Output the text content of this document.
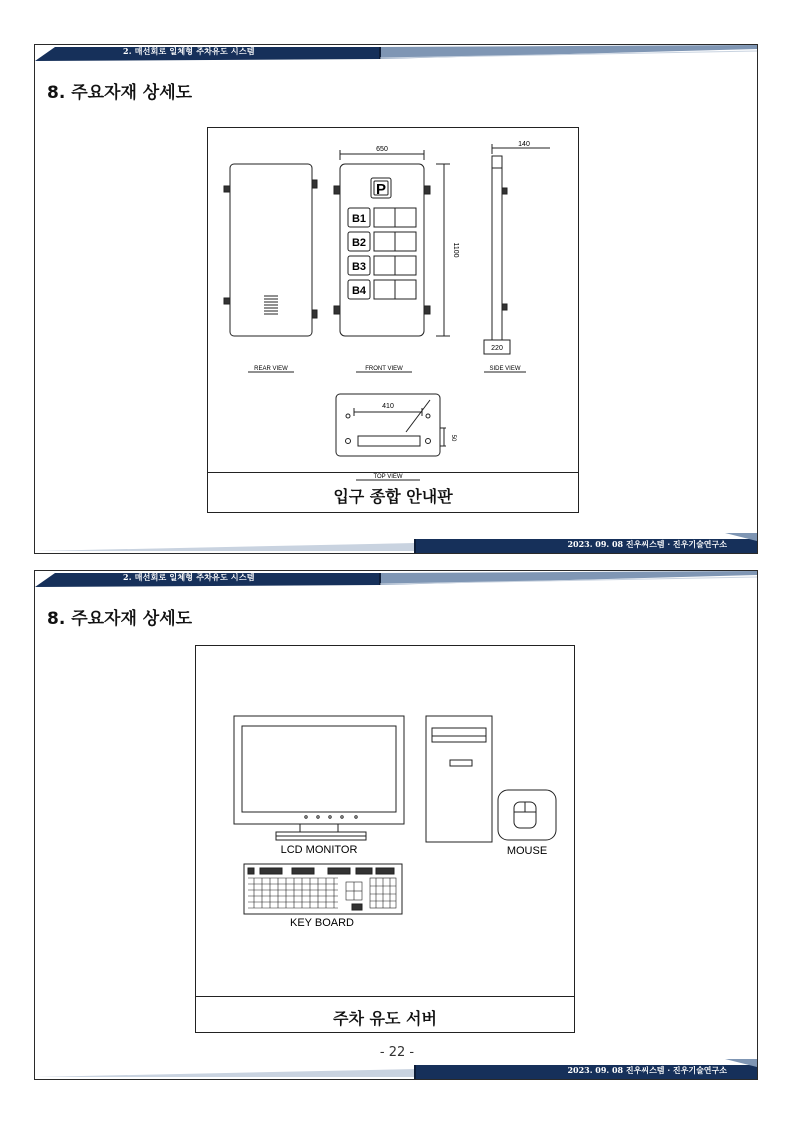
2. 매선회로 일체형 주차유도 시스템
8. 주요자재 상세도
P
B1
B2
B3
B4
650
1100
140
220
410
50
REAR VIEW	FRONT VIEW	SIDE VIEW
TOP VIEW
입구 종합 안내판
2023. 09. 08 진우씨스템 · 진우기술연구소
2. 매선회로 일체형 주차유도 시스템
8. 주요자재 상세도
LCD MONITOR	MOUSE
KEY BOARD
주차 유도 서버
2023. 09. 08 진우씨스템 · 진우기술연구소
- 22 -
